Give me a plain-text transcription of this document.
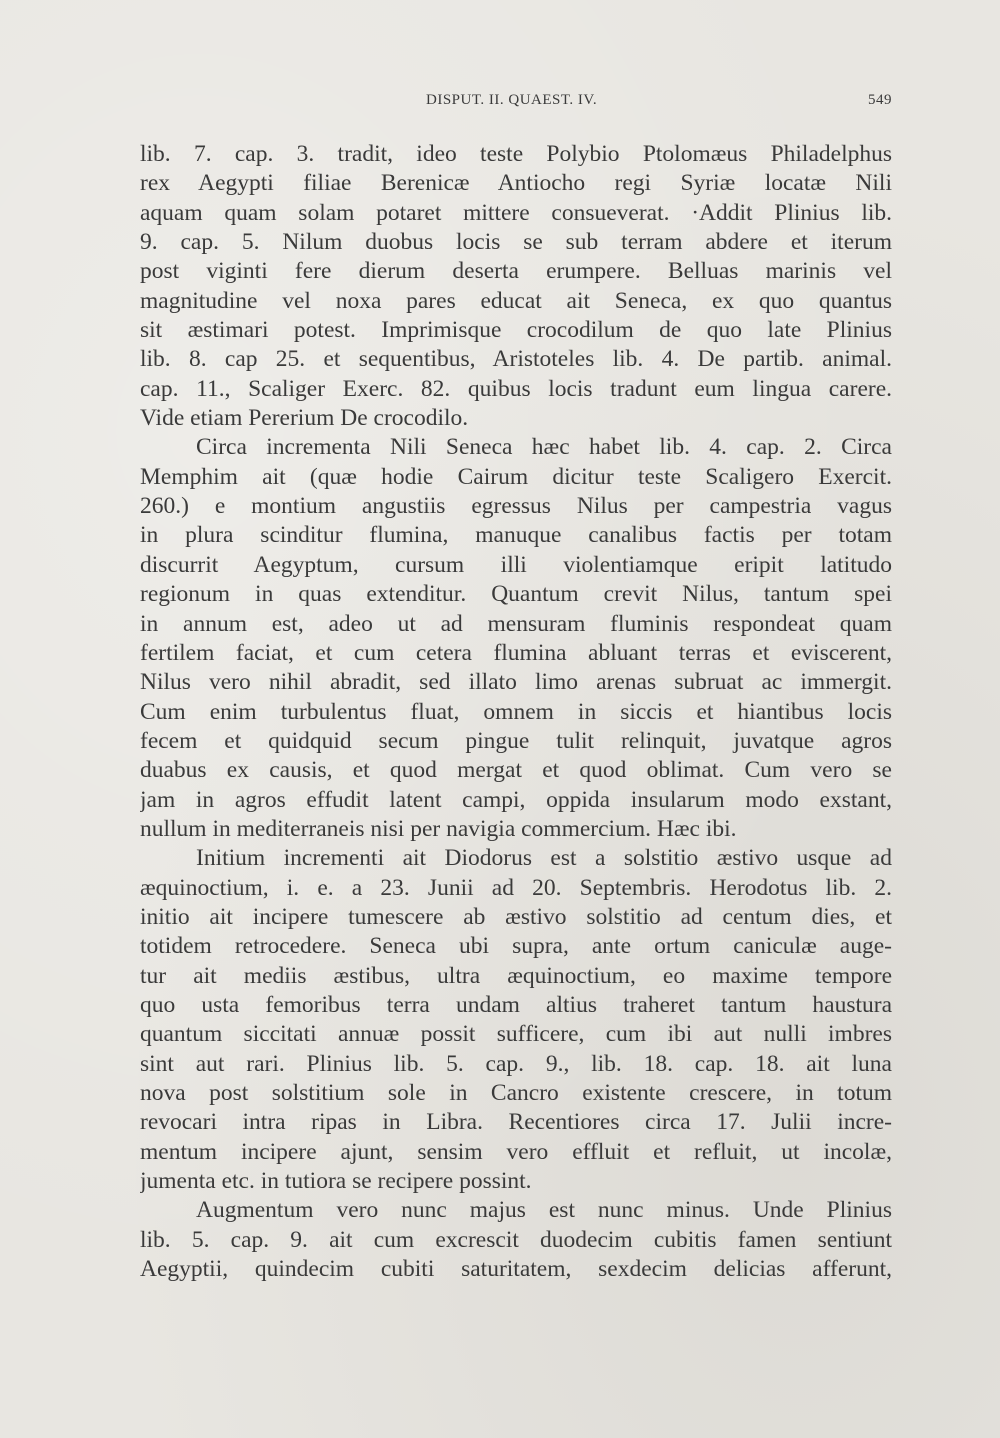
DISPUT. II. QUAEST. IV.	549
lib. 7. cap. 3. tradit, ideo teste Polybio Ptolomæus Philadelphus
rex Aegypti filiae Berenicæ Antiocho regi Syriæ locatæ Nili
aquam quam solam potaret mittere consueverat. ·Addit Plinius lib.
9. cap. 5. Nilum duobus locis se sub terram abdere et iterum
post viginti fere dierum deserta erumpere. Belluas marinis vel
magnitudine vel noxa pares educat ait Seneca, ex quo quantus
sit æstimari potest. Imprimisque crocodilum de quo late Plinius
lib. 8. cap 25. et sequentibus, Aristoteles lib. 4. De partib. animal.
cap. 11., Scaliger Exerc. 82. quibus locis tradunt eum lingua carere.
Vide etiam Pererium De crocodilo.
Circa incrementa Nili Seneca hæc habet lib. 4. cap. 2. Circa
Memphim ait (quæ hodie Cairum dicitur teste Scaligero Exercit.
260.) e montium angustiis egressus Nilus per campestria vagus
in plura scinditur flumina, manuque canalibus factis per totam
discurrit Aegyptum, cursum illi violentiamque eripit latitudo
regionum in quas extenditur. Quantum crevit Nilus, tantum spei
in annum est, adeo ut ad mensuram fluminis respondeat quam
fertilem faciat, et cum cetera flumina abluant terras et eviscerent,
Nilus vero nihil abradit, sed illato limo arenas subruat ac immergit.
Cum enim turbulentus fluat, omnem in siccis et hiantibus locis
fecem et quidquid secum pingue tulit relinquit, juvatque agros
duabus ex causis, et quod mergat et quod oblimat. Cum vero se
jam in agros effudit latent campi, oppida insularum modo exstant,
nullum in mediterraneis nisi per navigia commercium. Hæc ibi.
Initium incrementi ait Diodorus est a solstitio æstivo usque ad
æquinoctium, i. e. a 23. Junii ad 20. Septembris. Herodotus lib. 2.
initio ait incipere tumescere ab æstivo solstitio ad centum dies, et
totidem retrocedere. Seneca ubi supra, ante ortum caniculæ auge-
tur ait mediis æstibus, ultra æquinoctium, eo maxime tempore
quo usta femoribus terra undam altius traheret tantum haustura
quantum siccitati annuæ possit sufficere, cum ibi aut nulli imbres
sint aut rari. Plinius lib. 5. cap. 9., lib. 18. cap. 18. ait luna
nova post solstitium sole in Cancro existente crescere, in totum
revocari intra ripas in Libra. Recentiores circa 17. Julii incre-
mentum incipere ajunt, sensim vero effluit et refluit, ut incolæ,
jumenta etc. in tutiora se recipere possint.
Augmentum vero nunc majus est nunc minus. Unde Plinius
lib. 5. cap. 9. ait cum excrescit duodecim cubitis famen sentiunt
Aegyptii, quindecim cubiti saturitatem, sexdecim delicias afferunt,
